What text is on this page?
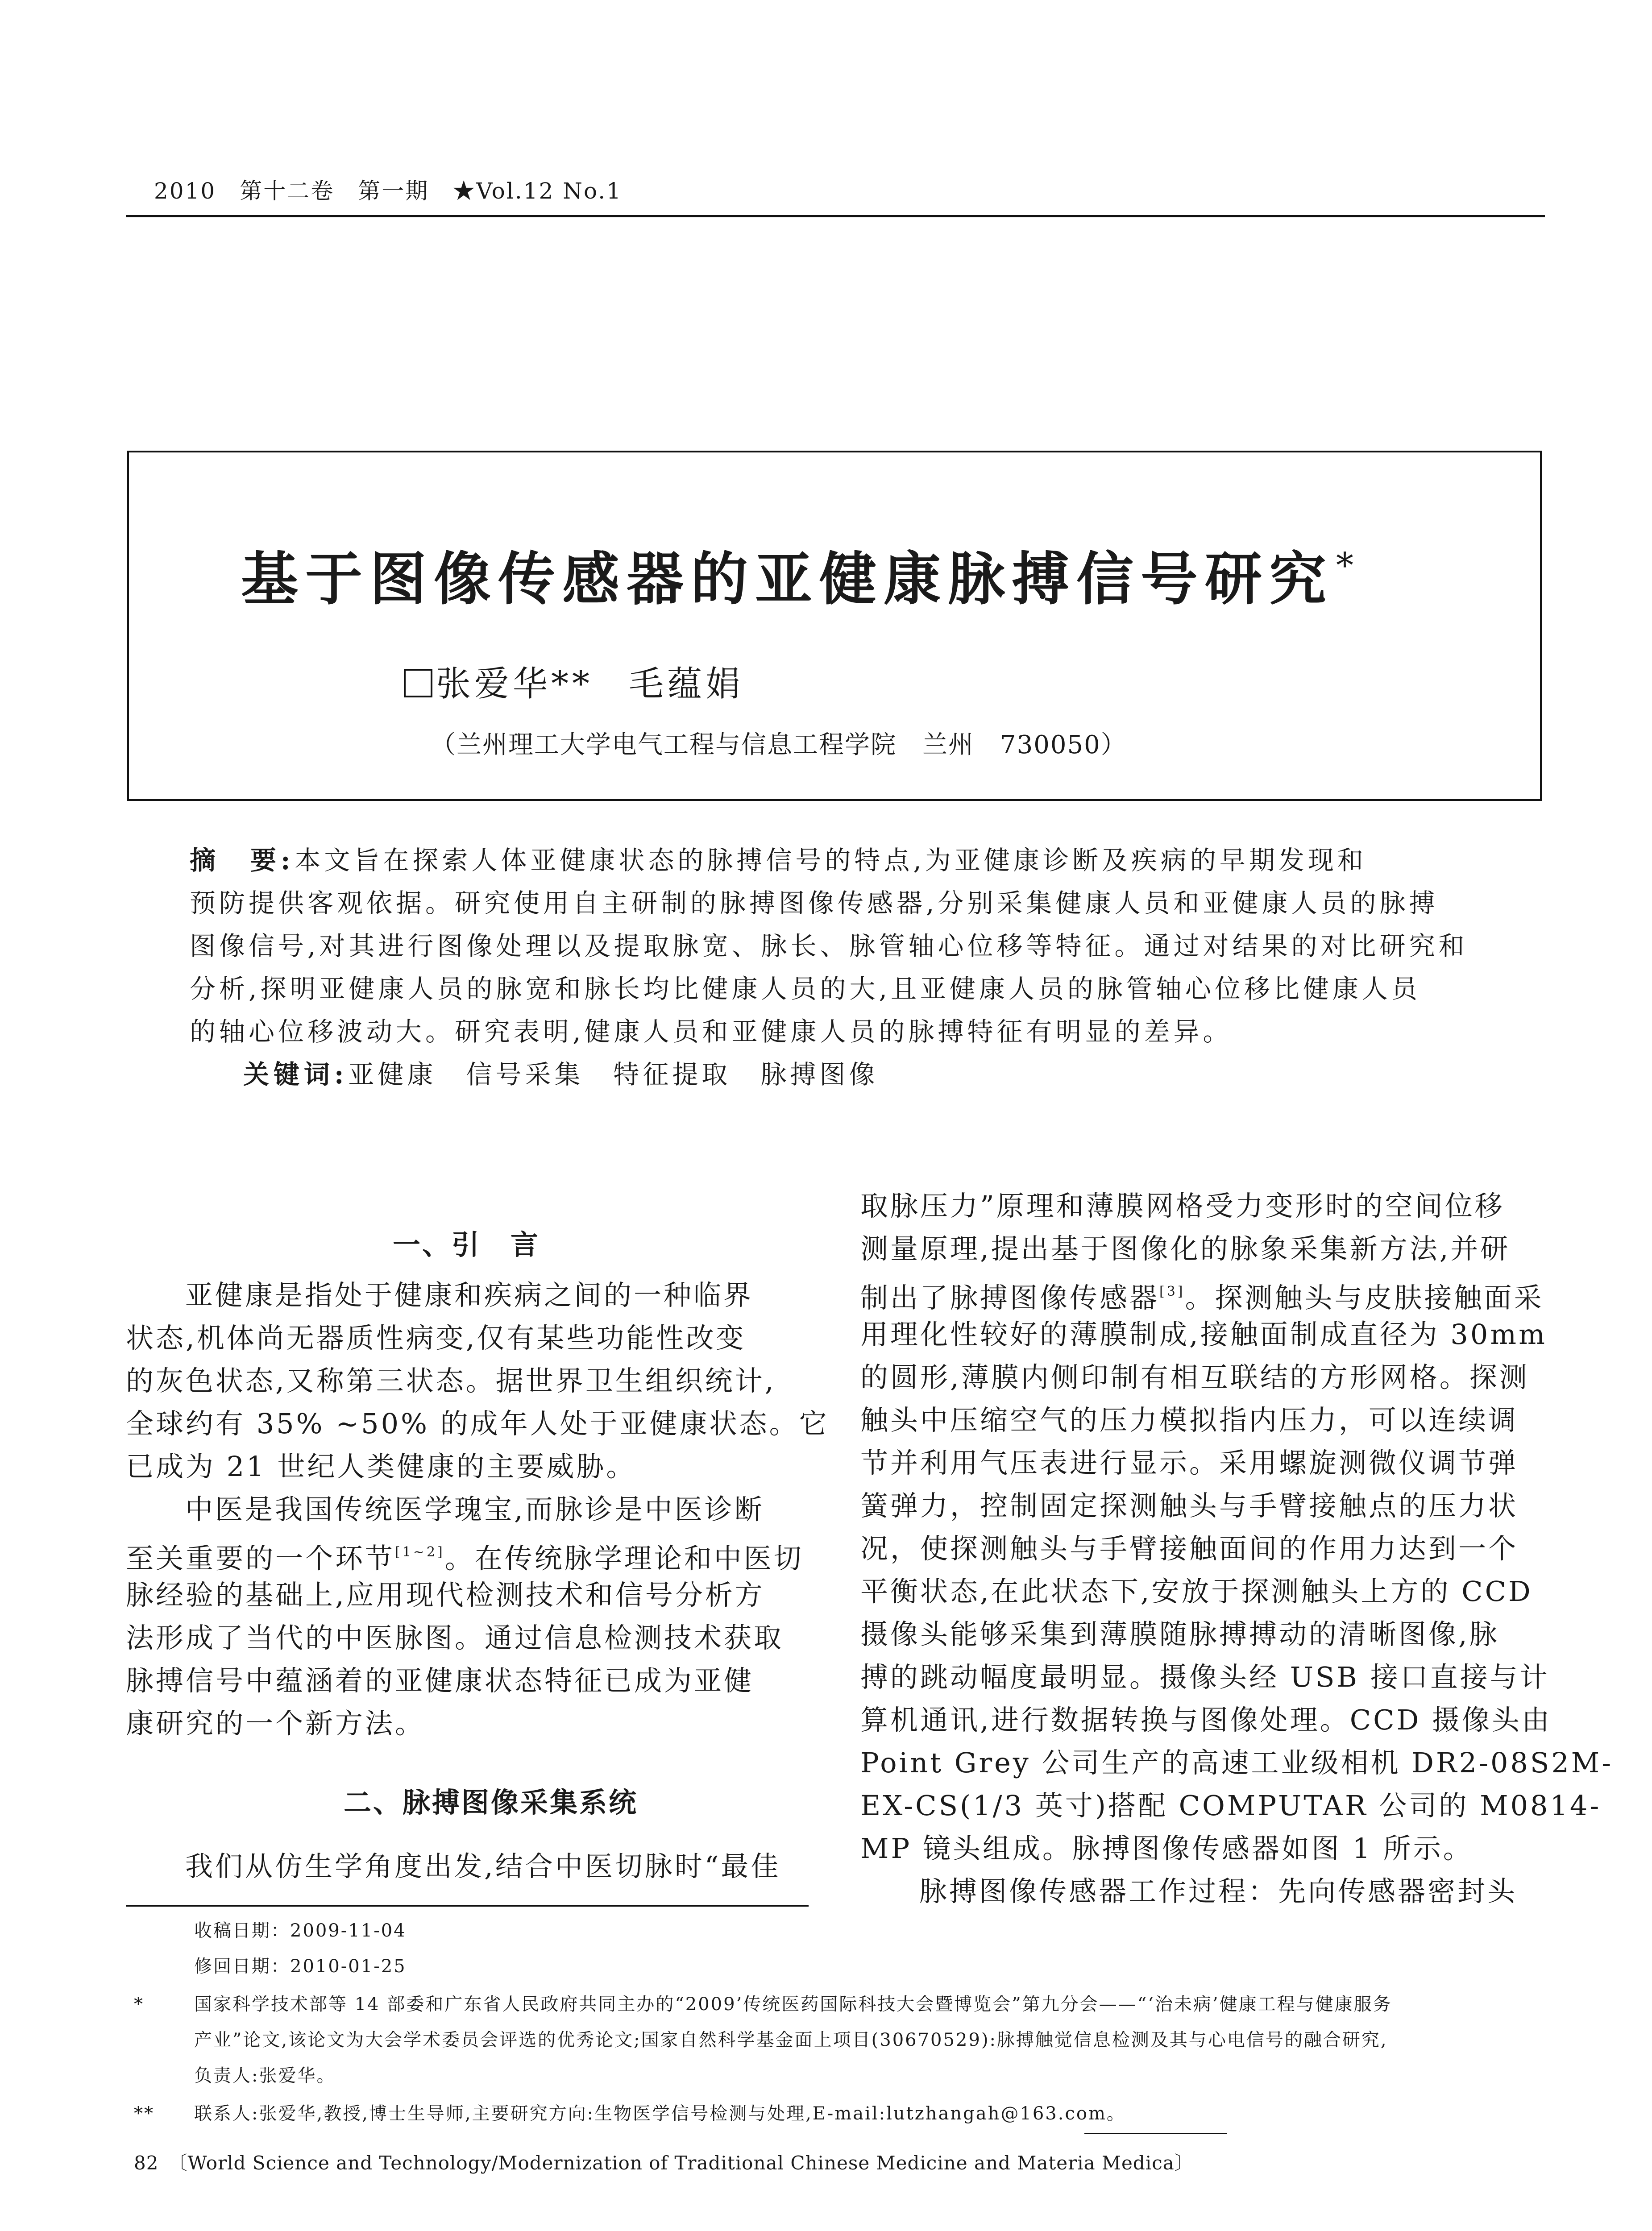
2010　第十二卷　第一期　★Vol.12 No.1
基于图像传感器的亚健康脉搏信号研究*
张爱华** 毛蕴娟
（兰州理工大学电气工程与信息工程学院　兰州　730050）
摘　要:本文旨在探索人体亚健康状态的脉搏信号的特点,为亚健康诊断及疾病的早期发现和
预防提供客观依据。研究使用自主研制的脉搏图像传感器,分别采集健康人员和亚健康人员的脉搏
图像信号,对其进行图像处理以及提取脉宽、脉长、脉管轴心位移等特征。通过对结果的对比研究和
分析,探明亚健康人员的脉宽和脉长均比健康人员的大,且亚健康人员的脉管轴心位移比健康人员
的轴心位移波动大。研究表明,健康人员和亚健康人员的脉搏特征有明显的差异。
关键词:亚健康　信号采集　特征提取　脉搏图像
一、引　言
亚健康是指处于健康和疾病之间的一种临界
状态,机体尚无器质性病变,仅有某些功能性改变
的灰色状态,又称第三状态。据世界卫生组织统计,
全球约有 35% ~50% 的成年人处于亚健康状态。它
已成为 21 世纪人类健康的主要威胁。
中医是我国传统医学瑰宝,而脉诊是中医诊断
至关重要的一个环节[1~2]。在传统脉学理论和中医切
脉经验的基础上,应用现代检测技术和信号分析方
法形成了当代的中医脉图。通过信息检测技术获取
脉搏信号中蕴涵着的亚健康状态特征已成为亚健
康研究的一个新方法。
二、脉搏图像采集系统
我们从仿生学角度出发,结合中医切脉时“最佳
取脉压力”原理和薄膜网格受力变形时的空间位移
测量原理,提出基于图像化的脉象采集新方法,并研
制出了脉搏图像传感器[3]。探测触头与皮肤接触面采
用理化性较好的薄膜制成,接触面制成直径为 30mm
的圆形,薄膜内侧印制有相互联结的方形网格。探测
触头中压缩空气的压力模拟指内压力，可以连续调
节并利用气压表进行显示。采用螺旋测微仪调节弹
簧弹力，控制固定探测触头与手臂接触点的压力状
况，使探测触头与手臂接触面间的作用力达到一个
平衡状态,在此状态下,安放于探测触头上方的 CCD
摄像头能够采集到薄膜随脉搏搏动的清晰图像,脉
搏的跳动幅度最明显。摄像头经 USB 接口直接与计
算机通讯,进行数据转换与图像处理。CCD 摄像头由
Point Grey 公司生产的高速工业级相机 DR2-08S2M-
EX-CS(1/3 英寸)搭配 COMPUTAR 公司的 M0814-
MP 镜头组成。脉搏图像传感器如图 1 所示。
脉搏图像传感器工作过程：先向传感器密封头
收稿日期：2009-11-04
修回日期：2010-01-25
*	国家科学技术部等 14 部委和广东省人民政府共同主办的“2009’传统医药国际科技大会暨博览会”第九分会——“‘治未病’健康工程与健康服务
产业”论文,该论文为大会学术委员会评选的优秀论文;国家自然科学基金面上项目(30670529):脉搏触觉信息检测及其与心电信号的融合研究,
负责人:张爱华。
** 联系人:张爱华,教授,博士生导师,主要研究方向:生物医学信号检测与处理,E-mail:lutzhangah@163.com。
82　〔World Science and Technology/Modernization of Traditional Chinese Medicine and Materia Medica〕
